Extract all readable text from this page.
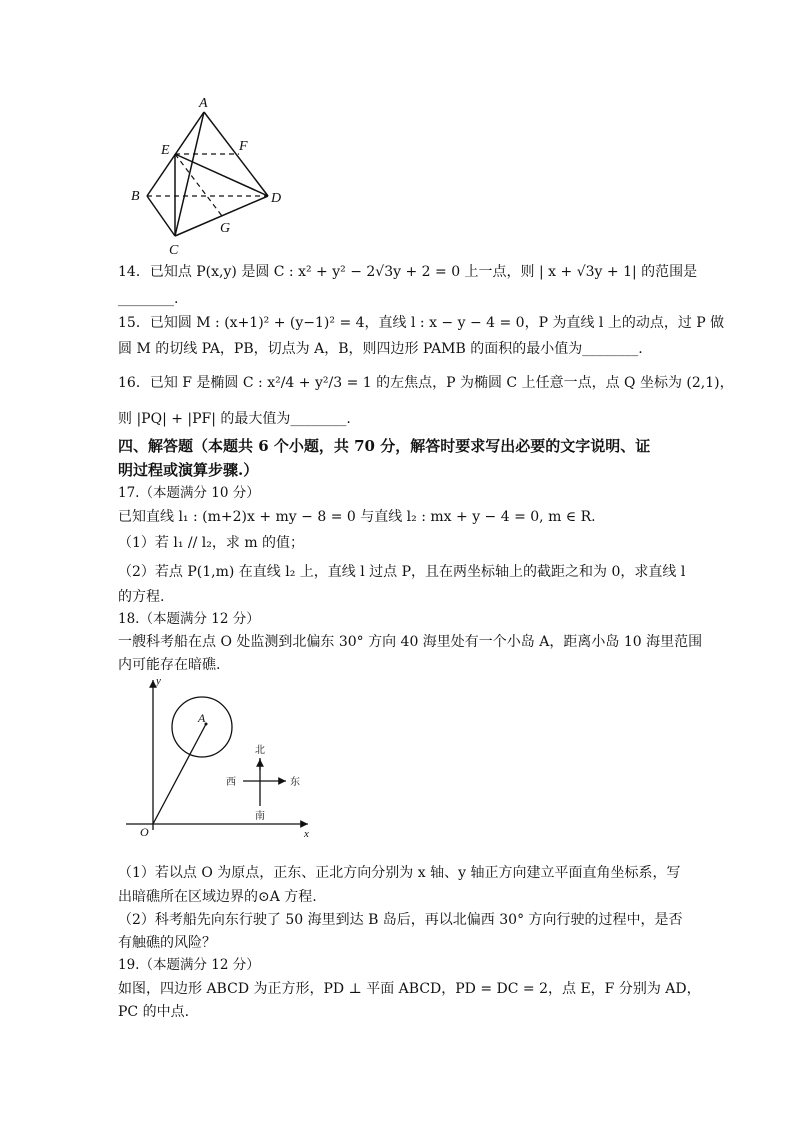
A
E	F
B	D
G
C
14．已知点 P(x,y) 是圆 C : x² + y² − 2√3y + 2 = 0 上一点，则 | x + √3y + 1| 的范围是
________.
15．已知圆 M : (x+1)² + (y−1)² = 4，直线 l : x − y − 4 = 0，P 为直线 l 上的动点，过 P 做
圆 M 的切线 PA，PB，切点为 A，B，则四边形 PAMB 的面积的最小值为________.
16．已知 F 是椭圆 C : x²/4 + y²/3 = 1 的左焦点，P 为椭圆 C 上任意一点，点 Q 坐标为 (2,1)，
则 |PQ| + |PF| 的最大值为________.
四、解答题（本题共 6 个小题，共 70 分，解答时要求写出必要的文字说明、证
明过程或演算步骤.）
17.（本题满分 10 分）
已知直线 l₁ : (m+2)x + my − 8 = 0 与直线 l₂ : mx + y − 4 = 0, m ∈ R.
（1）若 l₁ // l₂，求 m 的值；
（2）若点 P(1,m) 在直线 l₂ 上，直线 l 过点 P，且在两坐标轴上的截距之和为 0，求直线 l
的方程.
18.（本题满分 12 分）
一艘科考船在点 O 处监测到北偏东 30° 方向 40 海里处有一个小岛 A，距离小岛 10 海里范围
内可能存在暗礁.
y
x
O
A
北
南
东
西
（1）若以点 O 为原点，正东、正北方向分别为 x 轴、y 轴正方向建立平面直角坐标系，写
出暗礁所在区域边界的⊙A 方程.
（2）科考船先向东行驶了 50 海里到达 B 岛后，再以北偏西 30° 方向行驶的过程中，是否
有触礁的风险？
19.（本题满分 12 分）
如图，四边形 ABCD 为正方形，PD ⊥ 平面 ABCD，PD = DC = 2，点 E，F 分别为 AD，
PC 的中点.
